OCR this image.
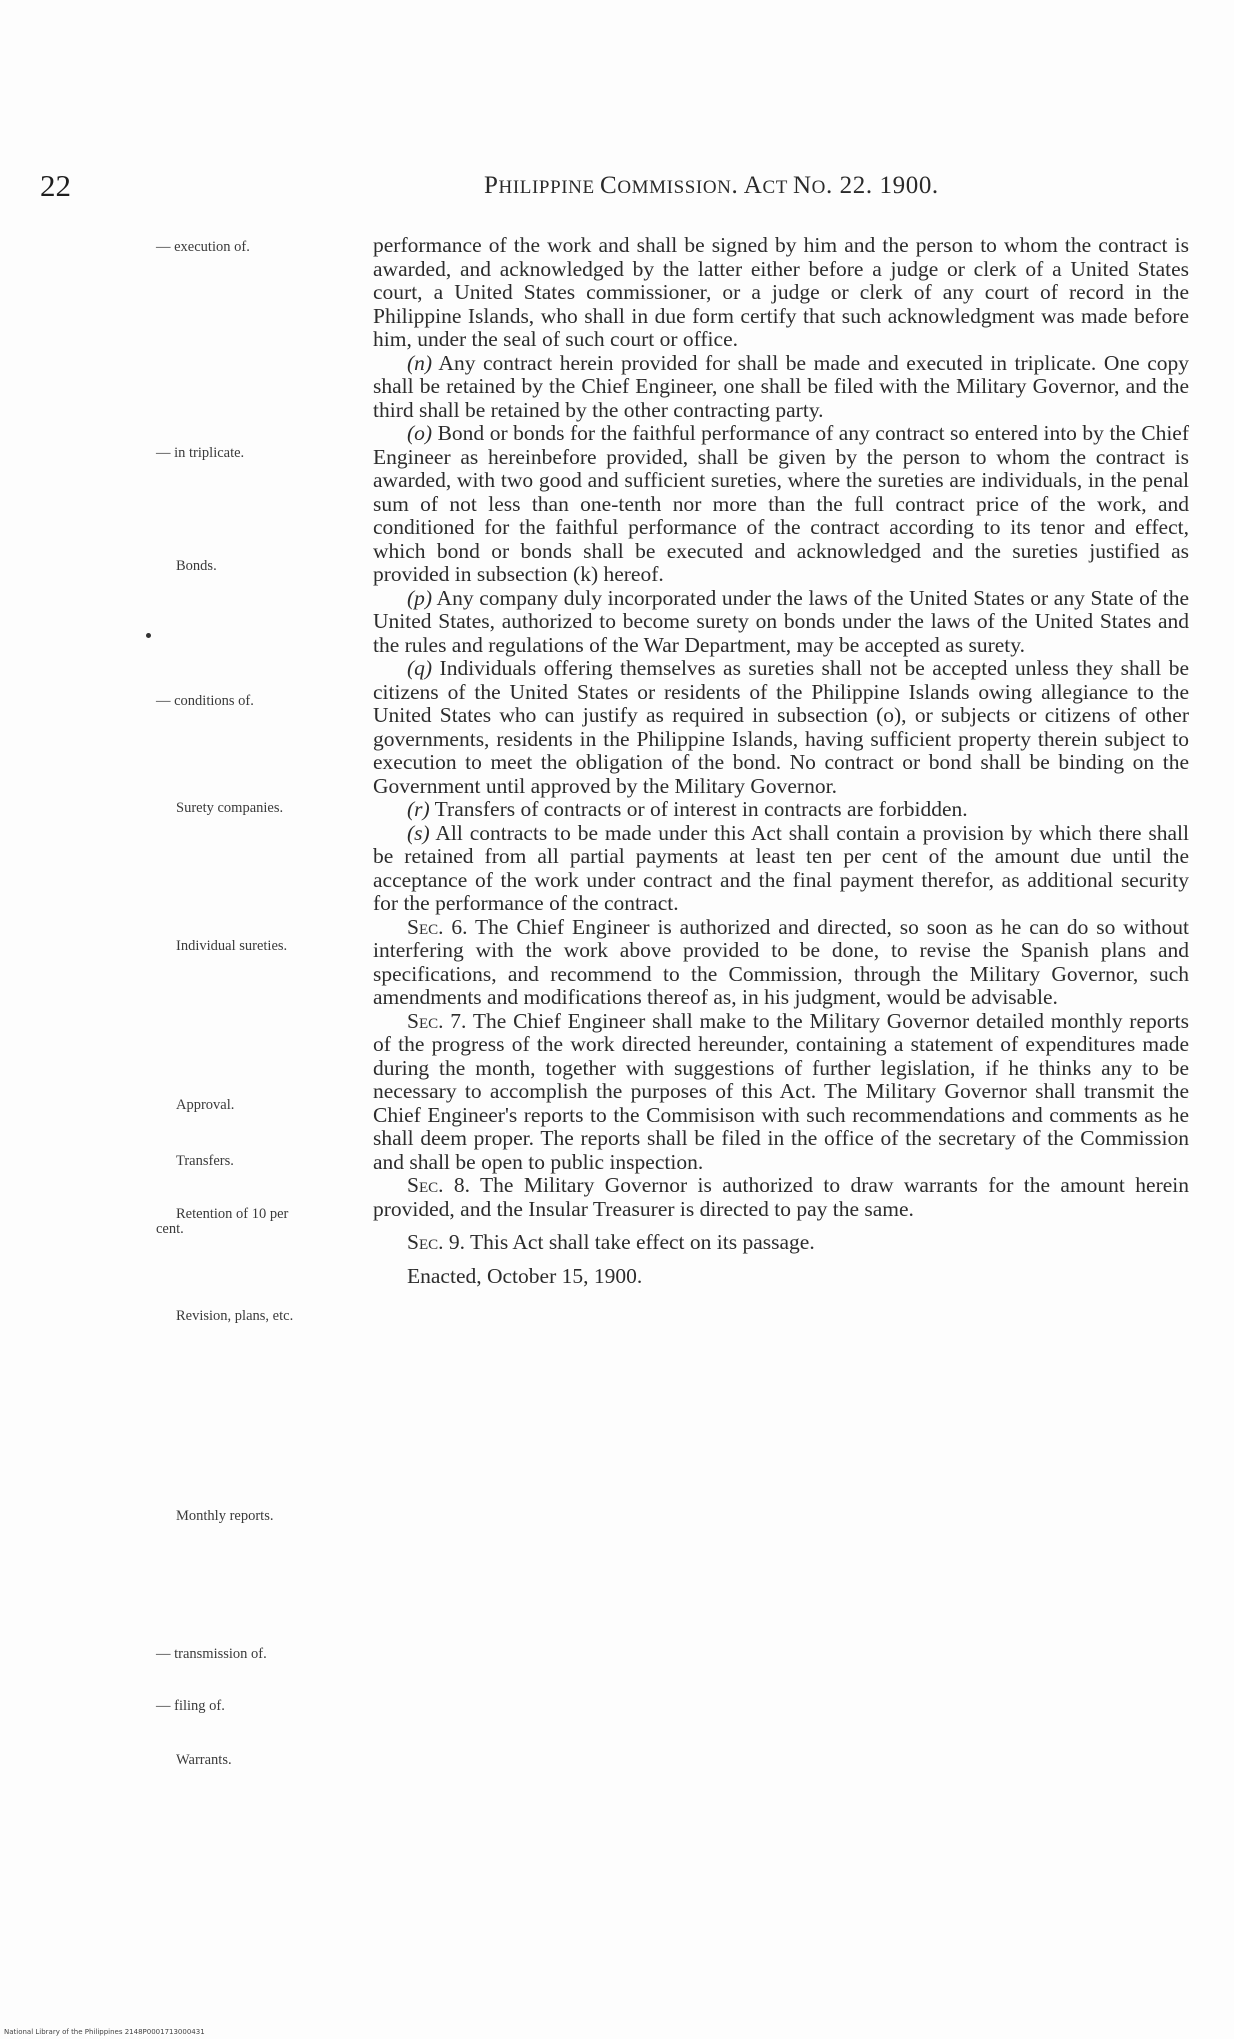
22	PHILIPPINE COMMISSION. ACT NO. 22. 1900.
— execution of.
— in triplicate.
Bonds.
— conditions of.
Surety companies.
Individual sureties.
Approval.
Transfers.
Retention of 10 per
cent.
Revision, plans, etc.
Monthly reports.
— transmission of.
— filing of.
Warrants.

performance of the work and shall be signed by him and the person to whom the contract is awarded, and acknowledged by the latter either before a judge or clerk of a United States court, a United States commissioner, or a judge or clerk of any court of record in the Philippine Islands, who shall in due form certify that such acknowledgment was made before him, under the seal of such court or office.

(n) Any contract herein provided for shall be made and executed in triplicate. One copy shall be retained by the Chief Engineer, one shall be filed with the Military Governor, and the third shall be retained by the other contracting party.

(o) Bond or bonds for the faithful performance of any contract so entered into by the Chief Engineer as hereinbefore provided, shall be given by the person to whom the contract is awarded, with two good and sufficient sureties, where the sureties are individuals, in the penal sum of not less than one-tenth nor more than the full contract price of the work, and conditioned for the faithful performance of the contract according to its tenor and effect, which bond or bonds shall be executed and acknowledged and the sureties justified as provided in subsection (k) hereof.

(p) Any company duly incorporated under the laws of the United States or any State of the United States, authorized to become surety on bonds under the laws of the United States and the rules and regulations of the War Department, may be accepted as surety.

(q) Individuals offering themselves as sureties shall not be accepted unless they shall be citizens of the United States or residents of the Philippine Islands owing allegiance to the United States who can justify as required in subsection (o), or subjects or citizens of other governments, residents in the Philippine Islands, having sufficient property therein subject to execution to meet the obligation of the bond. No contract or bond shall be binding on the Government until approved by the Military Governor.

(r) Transfers of contracts or of interest in contracts are forbidden.

(s) All contracts to be made under this Act shall contain a provision by which there shall be retained from all partial payments at least ten per cent of the amount due until the acceptance of the work under contract and the final payment therefor, as additional security for the performance of the contract.

Sec. 6. The Chief Engineer is authorized and directed, so soon as he can do so without interfering with the work above provided to be done, to revise the Spanish plans and specifications, and recommend to the Commission, through the Military Governor, such amendments and modifications thereof as, in his judgment, would be advisable.

Sec. 7. The Chief Engineer shall make to the Military Governor detailed monthly reports of the progress of the work directed hereunder, containing a statement of expenditures made during the month, together with suggestions of further legislation, if he thinks any to be necessary to accomplish the purposes of this Act. The Military Governor shall transmit the Chief Engineer's reports to the Commisison with such recommendations and comments as he shall deem proper. The reports shall be filed in the office of the secretary of the Commission and shall be open to public inspection.

Sec. 8. The Military Governor is authorized to draw warrants for the amount herein provided, and the Insular Treasurer is directed to pay the same.

Sec. 9. This Act shall take effect on its passage.

Enacted, October 15, 1900.

National Library of the Philippines 2148P0001713000431
